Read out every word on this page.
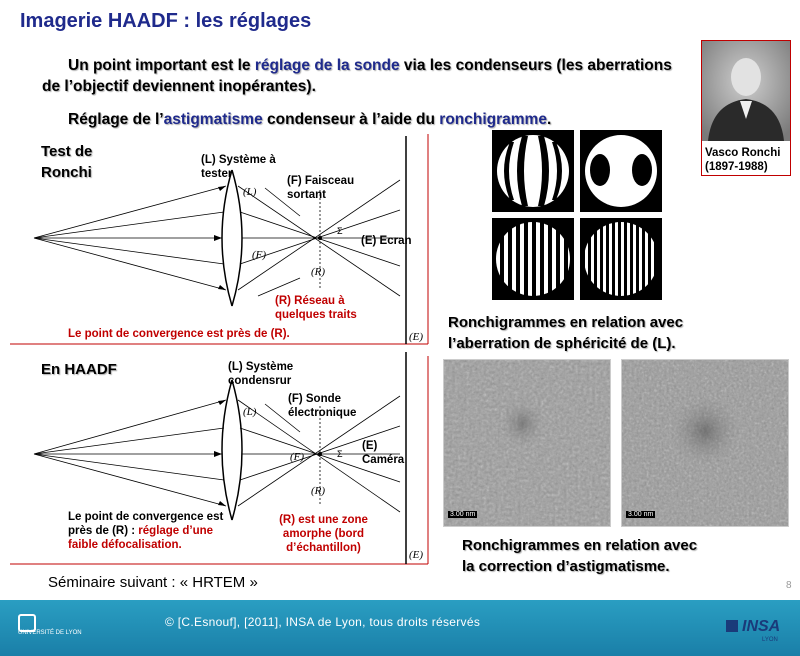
Imagerie HAADF : les réglages
Un point important est le réglage de la sonde via les condenseurs (les aberrations de l’objectif deviennent inopérantes).
Réglage de l’astigmatisme condenseur à l’aide du ronchigramme.
(F)
(L)
(R)
(E)
Σ
Test de
Ronchi
(L) Système à tester
(F) Faisceau sortant
(E) Ecran
(R) Réseau à quelques traits
Le point de convergence est près de (R).
(F)
(L)
(R)
(E)
Σ
En HAADF	(L) Système condensrur
(F) Sonde électronique
(E) Caméra
(R) est une zone amorphe (bord d’échantillon)
Le point de convergence est près de (R) : réglage d’une faible défocalisation.
Vasco Ronchi
(1897-1988)
Ronchigrammes en relation avec
l’aberration de sphéricité de (L).
3.00 nm	3.00 nm
Ronchigrammes en relation avec
la correction d’astigmatisme.
Séminaire suivant : « HRTEM »	8
UNIVERSITÉ DE LYON
© [C.Esnouf], [2011], INSA de Lyon, tous droits réservés	INSA
LYON
